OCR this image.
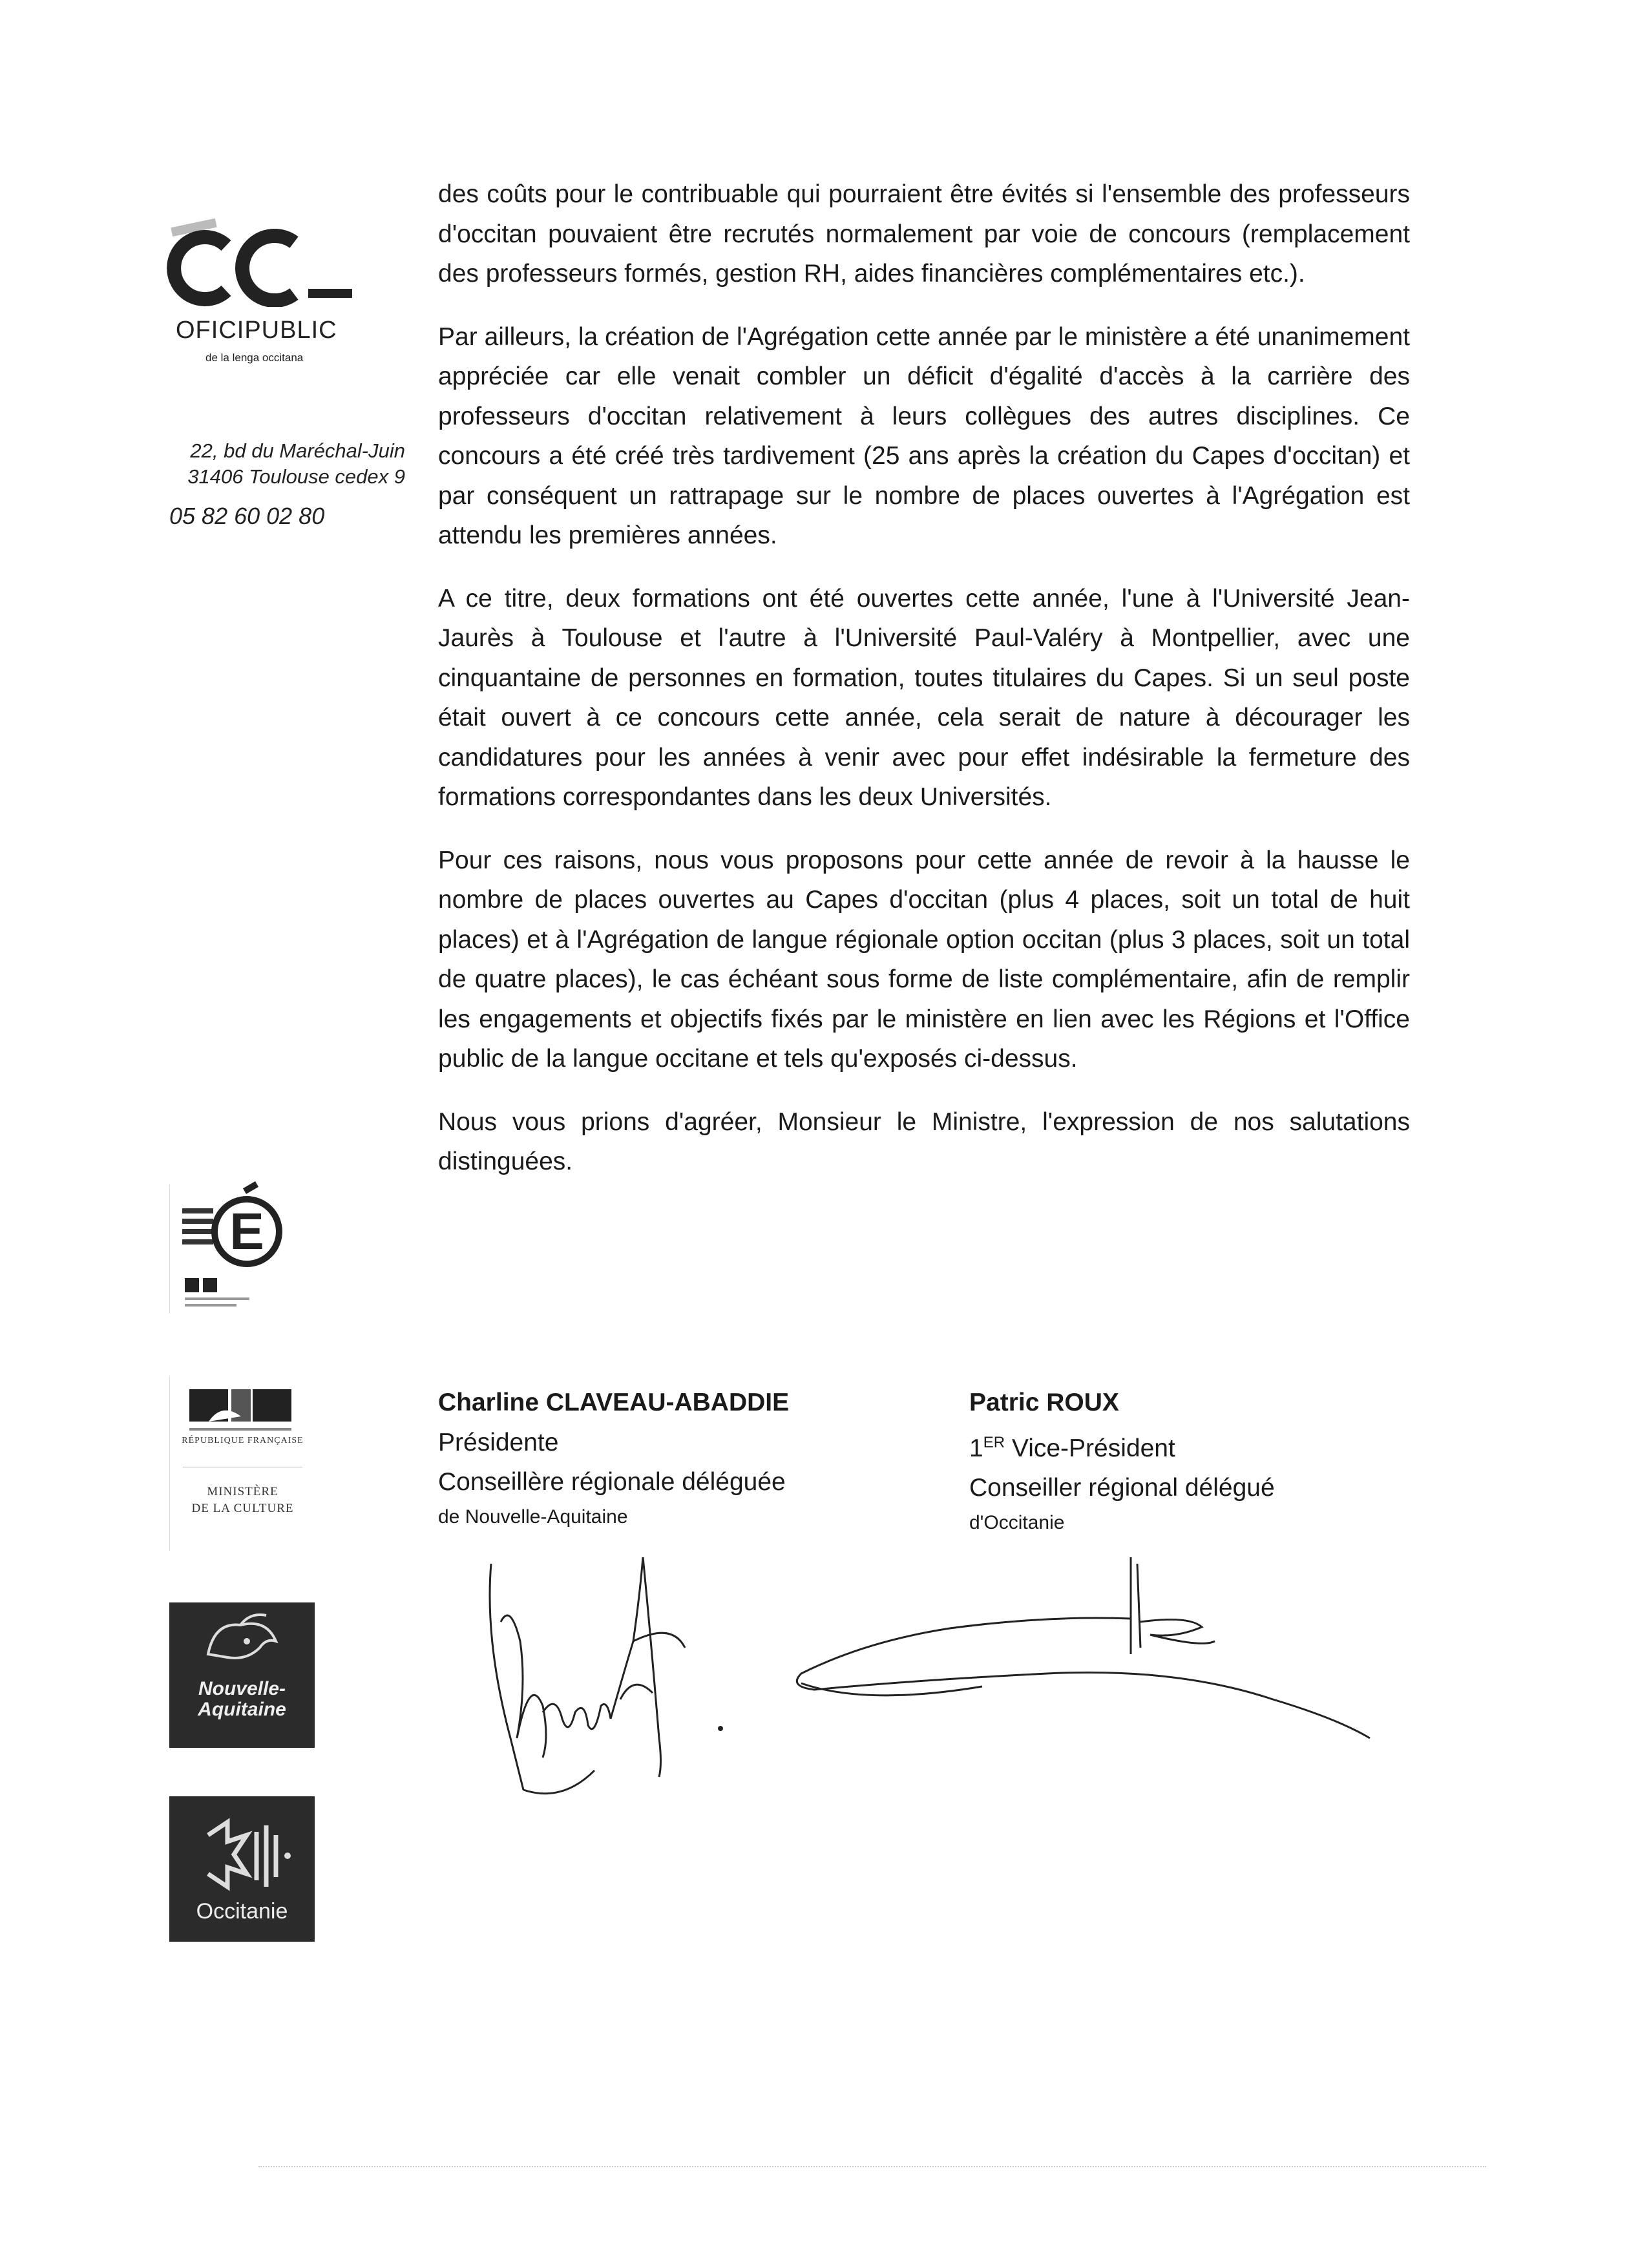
OFICIPUBLIC
de la lenga occitana
22, bd du Maréchal-Juin
31406 Toulouse cedex 9
05 82 60 02 80
E
RÉPUBLIQUE FRANÇAISE
MINISTÈRE
DE LA CULTURE
Nouvelle-
Aquitaine
Occitanie

des coûts pour le contribuable qui pourraient être évités si l'ensemble des professeurs d'occitan pouvaient être recrutés normalement par voie de concours (remplacement des professeurs formés, gestion RH, aides financières complémentaires etc.).

Par ailleurs, la création de l'Agrégation cette année par le ministère a été unanimement appréciée car elle venait combler un déficit d'égalité d'accès à la carrière des professeurs d'occitan relativement à leurs collègues des autres disciplines. Ce concours a été créé très tardivement (25 ans après la création du Capes d'occitan) et par conséquent un rattrapage sur le nombre de places ouvertes à l'Agrégation est attendu les premières années.

A ce titre, deux formations ont été ouvertes cette année, l'une à l'Université Jean-Jaurès à Toulouse et l'autre à l'Université Paul-Valéry à Montpellier, avec une cinquantaine de personnes en formation, toutes titulaires du Capes. Si un seul poste était ouvert à ce concours cette année, cela serait de nature à décourager les candidatures pour les années à venir avec pour effet indésirable la fermeture des formations correspondantes dans les deux Universités.

Pour ces raisons, nous vous proposons pour cette année de revoir à la hausse le nombre de places ouvertes au Capes d'occitan (plus 4 places, soit un total de huit places) et à l'Agrégation de langue régionale option occitan (plus 3 places, soit un total de quatre places), le cas échéant sous forme de liste complémentaire, afin de remplir les engagements et objectifs fixés par le ministère en lien avec les Régions et l'Office public de la langue occitane et tels qu'exposés ci-dessus.

Nous vous prions d'agréer, Monsieur le Ministre, l'expression de nos salutations distinguées.

Charline CLAVEAU-ABADDIE
Présidente
Conseillère régionale déléguée
de Nouvelle-Aquitaine
Patric ROUX
1ER Vice-Président
Conseiller régional délégué
d'Occitanie
